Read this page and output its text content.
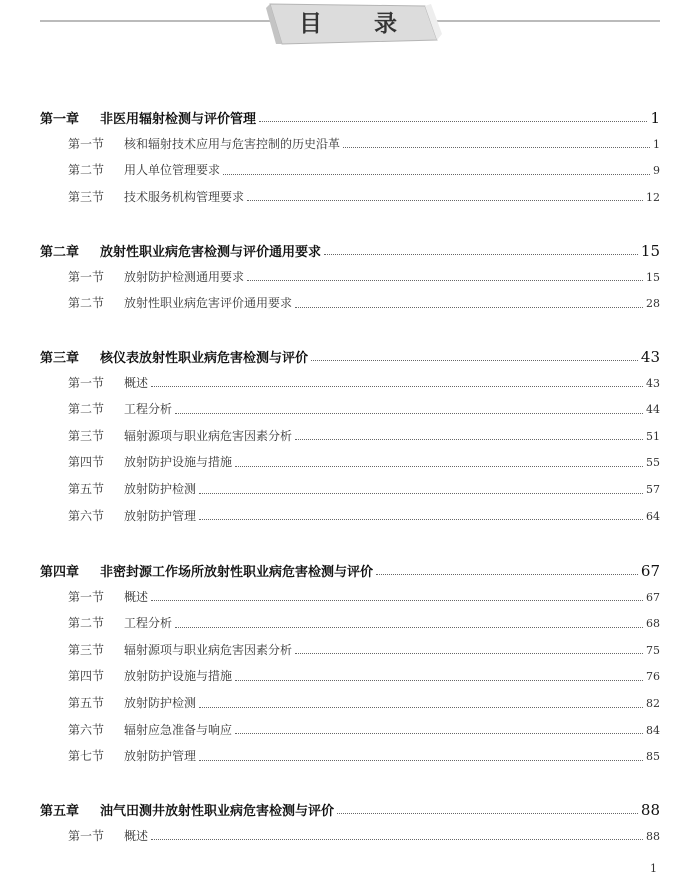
目 录
第一章	非医用辐射检测与评价管理	1
第一节	核和辐射技术应用与危害控制的历史沿革	1
第二节	用人单位管理要求	9
第三节	技术服务机构管理要求	12
第二章	放射性职业病危害检测与评价通用要求	15
第一节	放射防护检测通用要求	15
第二节	放射性职业病危害评价通用要求	28
第三章	核仪表放射性职业病危害检测与评价	43
第一节	概述	43
第二节	工程分析	44
第三节	辐射源项与职业病危害因素分析	51
第四节	放射防护设施与措施	55
第五节	放射防护检测	57
第六节	放射防护管理	64
第四章	非密封源工作场所放射性职业病危害检测与评价	67
第一节	概述	67
第二节	工程分析	68
第三节	辐射源项与职业病危害因素分析	75
第四节	放射防护设施与措施	76
第五节	放射防护检测	82
第六节	辐射应急准备与响应	84
第七节	放射防护管理	85
第五章	油气田测井放射性职业病危害检测与评价	88
第一节	概述	88
1
